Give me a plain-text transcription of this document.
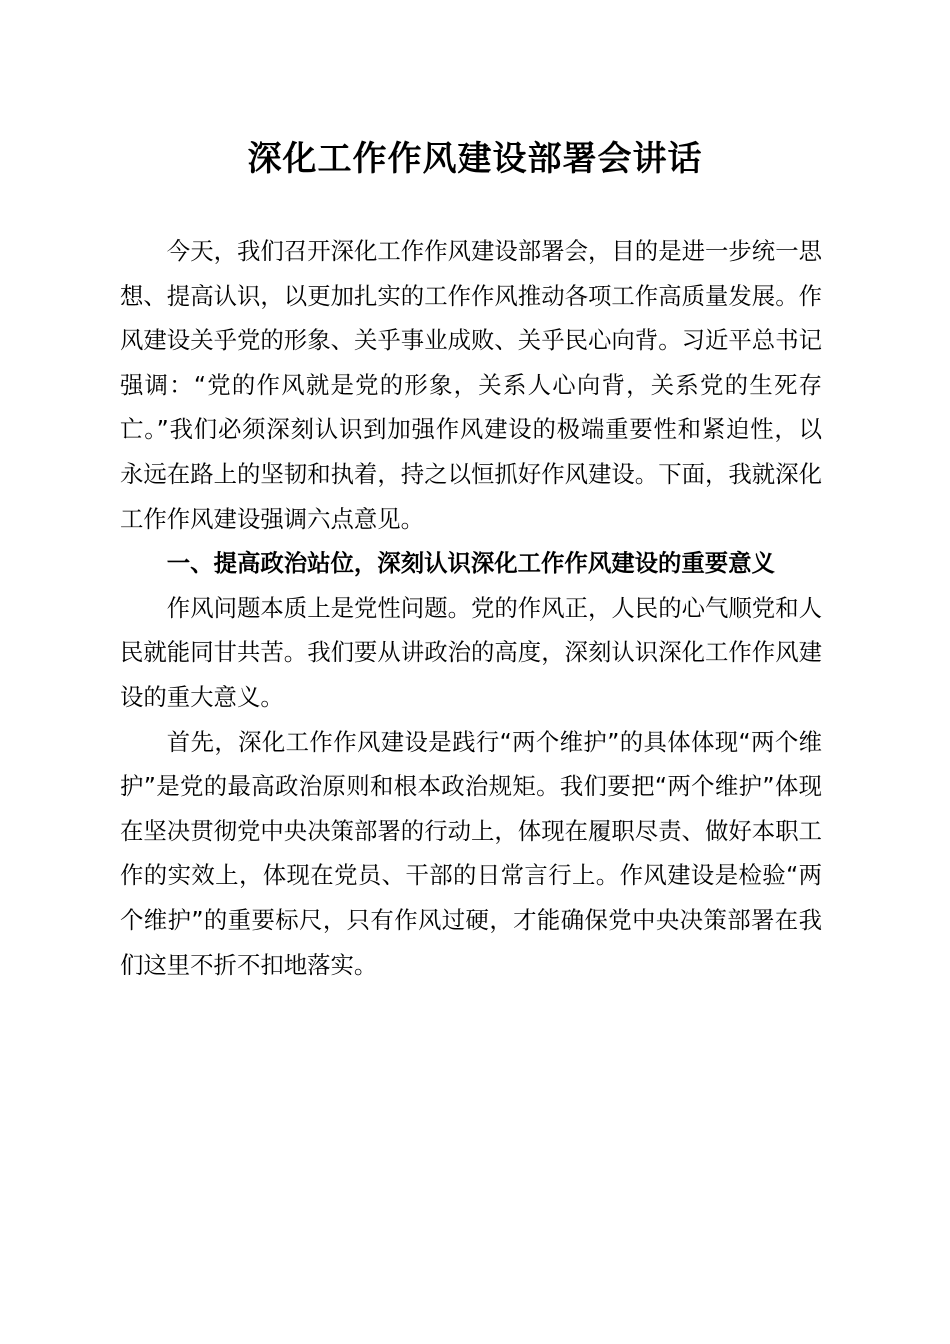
深化工作作风建设部署会讲话

今天，我们召开深化工作作风建设部署会，目的是进一步统一思想、提高认识，以更加扎实的工作作风推动各项工作高质量发展。作风建设关乎党的形象、关乎事业成败、关乎民心向背。习近平总书记强调：“党的作风就是党的形象，关系人心向背，关系党的生死存亡。”我们必须深刻认识到加强作风建设的极端重要性和紧迫性，以永远在路上的坚韧和执着，持之以恒抓好作风建设。下面，我就深化工作作风建设强调六点意见。

一、提高政治站位，深刻认识深化工作作风建设的重要意义

作风问题本质上是党性问题。党的作风正，人民的心气顺党和人民就能同甘共苦。我们要从讲政治的高度，深刻认识深化工作作风建设的重大意义。

首先，深化工作作风建设是践行“两个维护”的具体体现“两个维护”是党的最高政治原则和根本政治规矩。我们要把“两个维护”体现在坚决贯彻党中央决策部署的行动上，体现在履职尽责、做好本职工作的实效上，体现在党员、干部的日常言行上。作风建设是检验“两个维护”的重要标尺，只有作风过硬，才能确保党中央决策部署在我们这里不折不扣地落实。
